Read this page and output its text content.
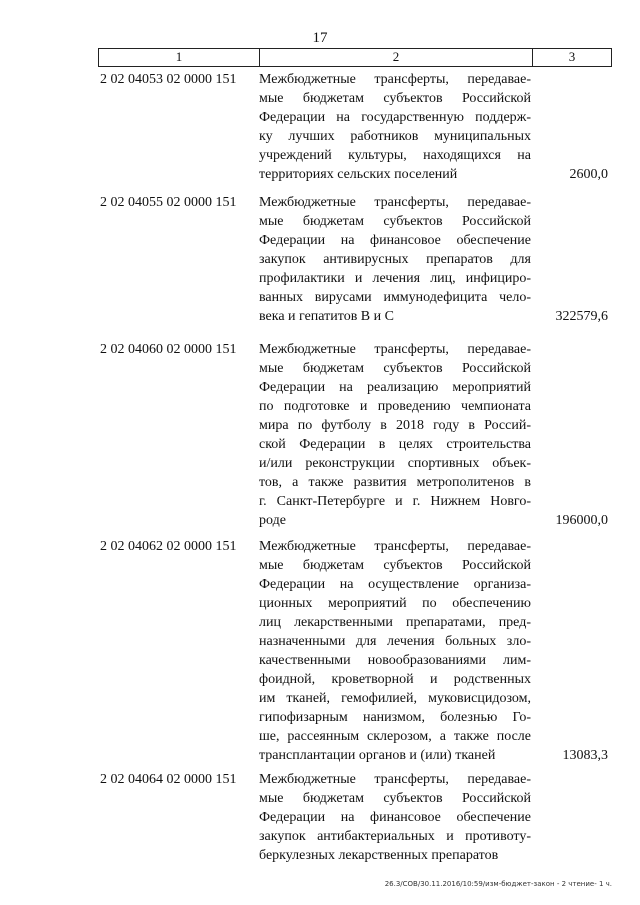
17
1	2	3
2 02 04053 02 0000 151 Межбюджетные трансферты, передавае-
мые бюджетам субъектов Российской
Федерации на государственную поддерж-
ку лучших работников муниципальных
учреждений культуры, находящихся на
территориях сельских поселений	2600,0
2 02 04055 02 0000 151 Межбюджетные трансферты, передавае-
мые бюджетам субъектов Российской
Федерации на финансовое обеспечение
закупок антивирусных препаратов для
профилактики и лечения лиц, инфициро-
ванных вирусами иммунодефицита чело-
века и гепатитов В и С	322579,6
2 02 04060 02 0000 151 Межбюджетные трансферты, передавае-
мые бюджетам субъектов Российской
Федерации на реализацию мероприятий
по подготовке и проведению чемпионата
мира по футболу в 2018 году в Россий-
ской Федерации в целях строительства
и/или реконструкции спортивных объек-
тов, а также развития метрополитенов в
г. Санкт-Петербурге и г. Нижнем Новго-
роде	196000,0
2 02 04062 02 0000 151 Межбюджетные трансферты, передавае-
мые бюджетам субъектов Российской
Федерации на осуществление организа-
ционных мероприятий по обеспечению
лиц лекарственными препаратами, пред-
назначенными для лечения больных зло-
качественными новообразованиями лим-
фоидной, кроветворной и родственных
им тканей, гемофилией, муковисцидозом,
гипофизарным нанизмом, болезнью Го-
ше, рассеянным склерозом, а также после
трансплантации органов и (или) тканей	13083,3
2 02 04064 02 0000 151 Межбюджетные трансферты, передавае-
мые бюджетам субъектов Российской
Федерации на финансовое обеспечение
закупок антибактериальных и противоту-
беркулезных лекарственных препаратов
26.3/СОВ/30.11.2016/10:59/изм-бюджет-закон - 2 чтение- 1 ч.
